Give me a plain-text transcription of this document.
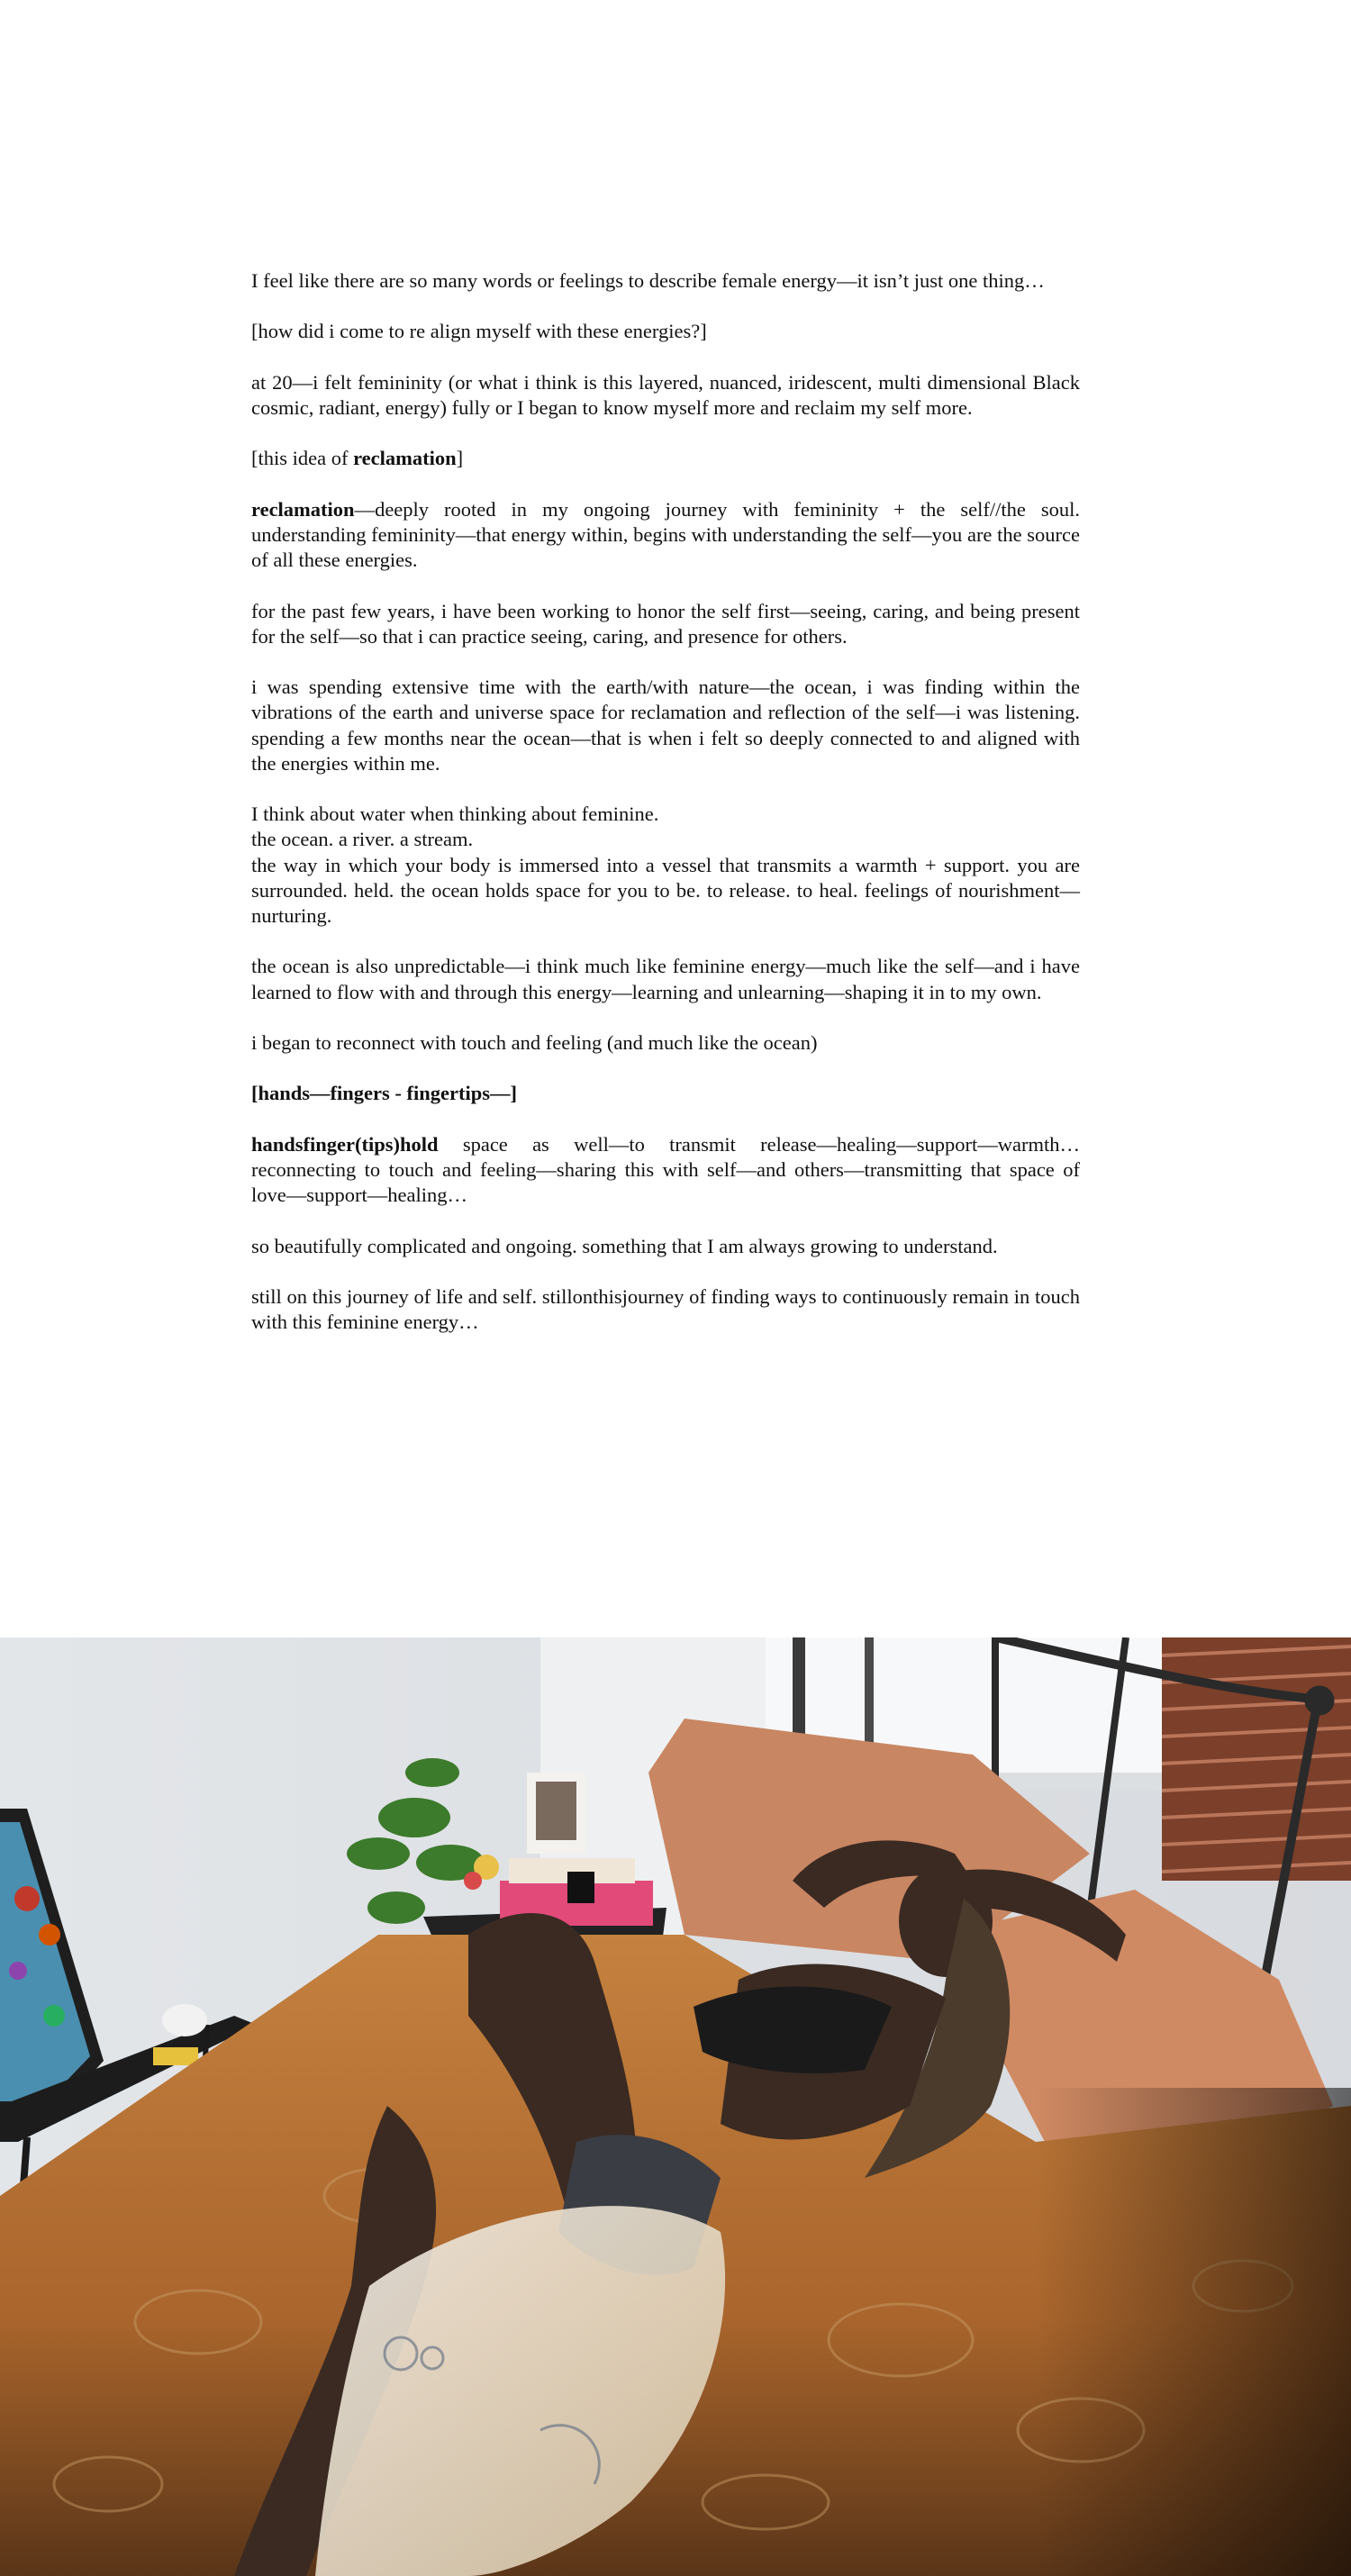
I feel like there are so many words or feelings to describe female energy—it isn’t just one thing…

[how did i come to re align myself with these energies?]

at 20—i felt femininity (or what i think is this layered, nuanced, iridescent, multi dimensional Black cosmic, radiant, energy) fully or I began to know myself more and reclaim my self more.

[this idea of reclamation]

reclamation—deeply rooted in my ongoing journey with femininity + the self//the soul. understanding femininity—that energy within, begins with understanding the self—you are the source of all these energies.

for the past few years, i have been working to honor the self first—seeing, caring, and being present for the self—so that i can practice seeing, caring, and presence for others.

i was spending extensive time with the earth/with nature—the ocean, i was finding within the vibrations of the earth and universe space for reclamation and reflection of the self—i was listening. spending a few months near the ocean—that is when i felt so deeply connected to and aligned with the energies within me.

I think about water when thinking about feminine.
the ocean. a river. a stream.
the way in which your body is immersed into a vessel that transmits a warmth + support. you are surrounded. held. the ocean holds space for you to be. to release. to heal. feelings of nourishment—nurturing.

the ocean is also unpredictable—i think much like feminine energy—much like the self—and i have learned to flow with and through this energy—learning and unlearning—shaping it in to my own.

i began to reconnect with touch and feeling (and much like the ocean)

[hands—fingers - fingertips—]

handsfinger(tips)hold space as well—to transmit release—healing—support—warmth… reconnecting to touch and feeling—sharing this with self—and others—transmitting that space of love—support—healing…

so beautifully complicated and ongoing. something that I am always growing to understand.

still on this journey of life and self. stillonthisjourney of finding ways to continuously remain in touch with this feminine energy…
